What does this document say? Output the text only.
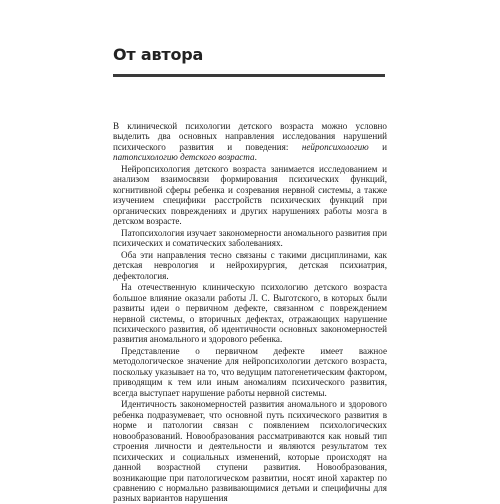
От автора

В клинической психологии детского возраста можно условно выделить два основных направления исследования нарушений психического развития и поведения: нейропсихологию и патопсихологию детского возраста.

Нейропсихология детского возраста занимается исследованием и анализом взаимосвязи формирования психических функций, когнитивной сферы ребенка и созревания нервной системы, а также изучением специфики расстройств психических функций при органических повреждениях и других нарушениях работы мозга в детском возрасте.

Патопсихология изучает закономерности аномального развития при психических и соматических заболеваниях.

Оба эти направления тесно связаны с такими дисциплинами, как детская неврология и нейрохирургия, детская психиатрия, дефектология.

На отечественную клиническую психологию детского возраста большое влияние оказали работы Л. С. Выготского, в которых были развиты идеи о первичном дефекте, связанном с повреждением нервной системы, о вторичных дефектах, отражающих нарушение психического развития, об идентичности основных закономерностей развития аномального и здорового ребенка.

Представление о первичном дефекте имеет важное методологическое значение для нейропсихологии детского возраста, поскольку указывает на то, что ведущим патогенетическим фактором, приводящим к тем или иным аномалиям психического развития, всегда выступает нарушение работы нервной системы.

Идентичность закономерностей развития аномального и здорового ребенка подразумевает, что основной путь психического развития в норме и патологии связан с появлением психологических новообразований. Новообразования рассматриваются как новый тип строения личности и деятельности и являются результатом тех психических и социальных изменений, которые происходят на данной возрастной ступени развития. Новообразования, возникающие при патологическом развитии, носят иной характер по сравнению с нормально развивающимися детьми и специфичны для разных вариантов нарушения
